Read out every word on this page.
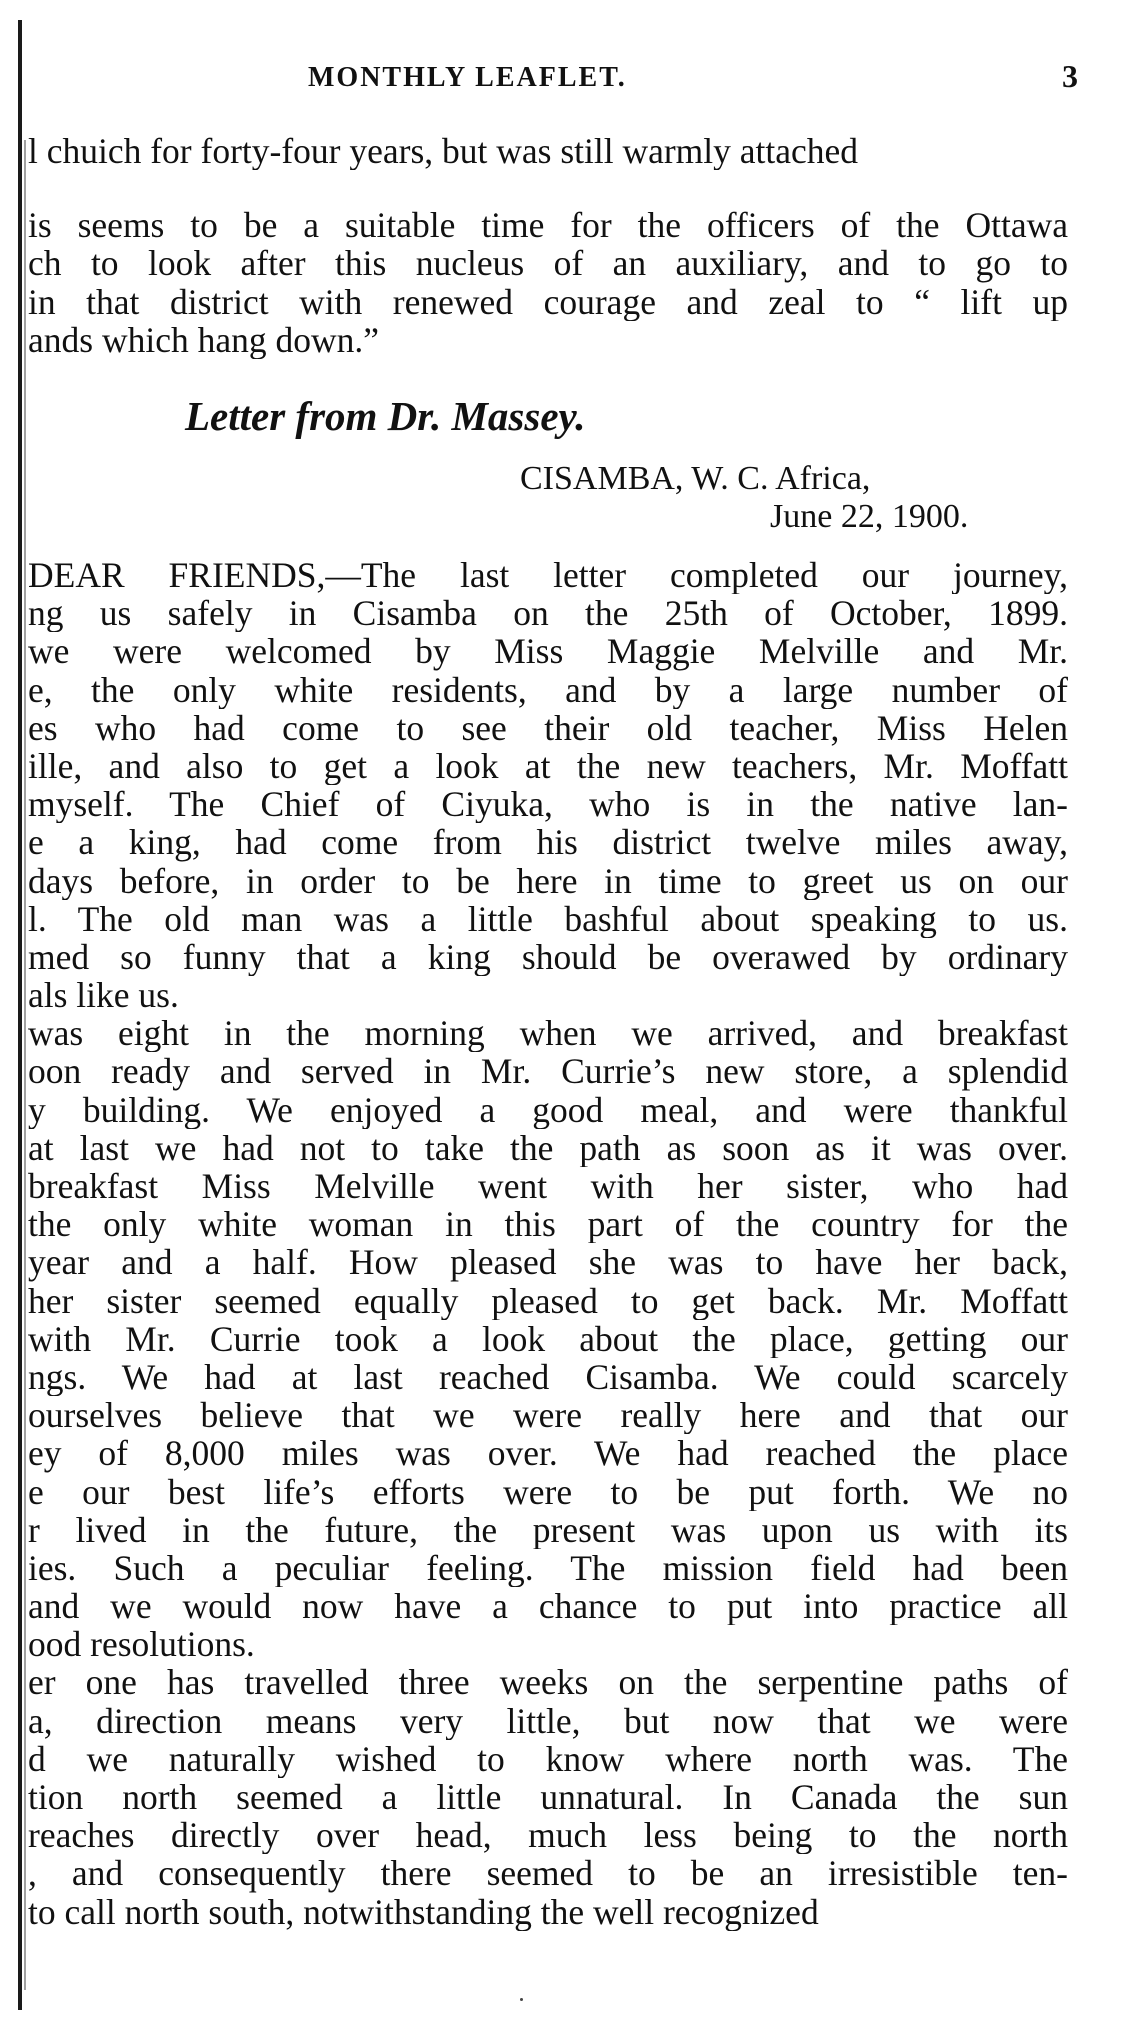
MONTHLY LEAFLET.	3
l chuich for forty-four years, but was still warmly attached
is seems to be a suitable time for the officers of the Ottawa
ch to look after this nucleus of an auxiliary, and to go to
in that district with renewed courage and zeal to “ lift up
ands which hang down.”
Letter from Dr. Massey.
CISAMBA, W. C. Africa,
June 22, 1900.
DEAR FRIENDS,—The last letter completed our journey,
ng us safely in Cisamba on the 25th of October, 1899.
we were welcomed by Miss Maggie Melville and Mr.
e, the only white residents, and by a large number of
es who had come to see their old teacher, Miss Helen
ille, and also to get a look at the new teachers, Mr. Moffatt
myself. The Chief of Ciyuka, who is in the native lan-
e a king, had come from his district twelve miles away,
days before, in order to be here in time to greet us on our
l. The old man was a little bashful about speaking to us.
med so funny that a king should be overawed by ordinary
als like us.
was eight in the morning when we arrived, and breakfast
oon ready and served in Mr. Currie’s new store, a splendid
y building. We enjoyed a good meal, and were thankful
at last we had not to take the path as soon as it was over.
breakfast Miss Melville went with her sister, who had
the only white woman in this part of the country for the
year and a half. How pleased she was to have her back,
her sister seemed equally pleased to get back. Mr. Moffatt
with Mr. Currie took a look about the place, getting our
ngs. We had at last reached Cisamba. We could scarcely
ourselves believe that we were really here and that our
ey of 8,000 miles was over. We had reached the place
e our best life’s efforts were to be put forth. We no
r lived in the future, the present was upon us with its
ies. Such a peculiar feeling. The mission field had been
and we would now have a chance to put into practice all
ood resolutions.
er one has travelled three weeks on the serpentine paths of
a, direction means very little, but now that we were
d we naturally wished to know where north was. The
tion north seemed a little unnatural. In Canada the sun
reaches directly over head, much less being to the north
, and consequently there seemed to be an irresistible ten-
to call north south, notwithstanding the well recognized
